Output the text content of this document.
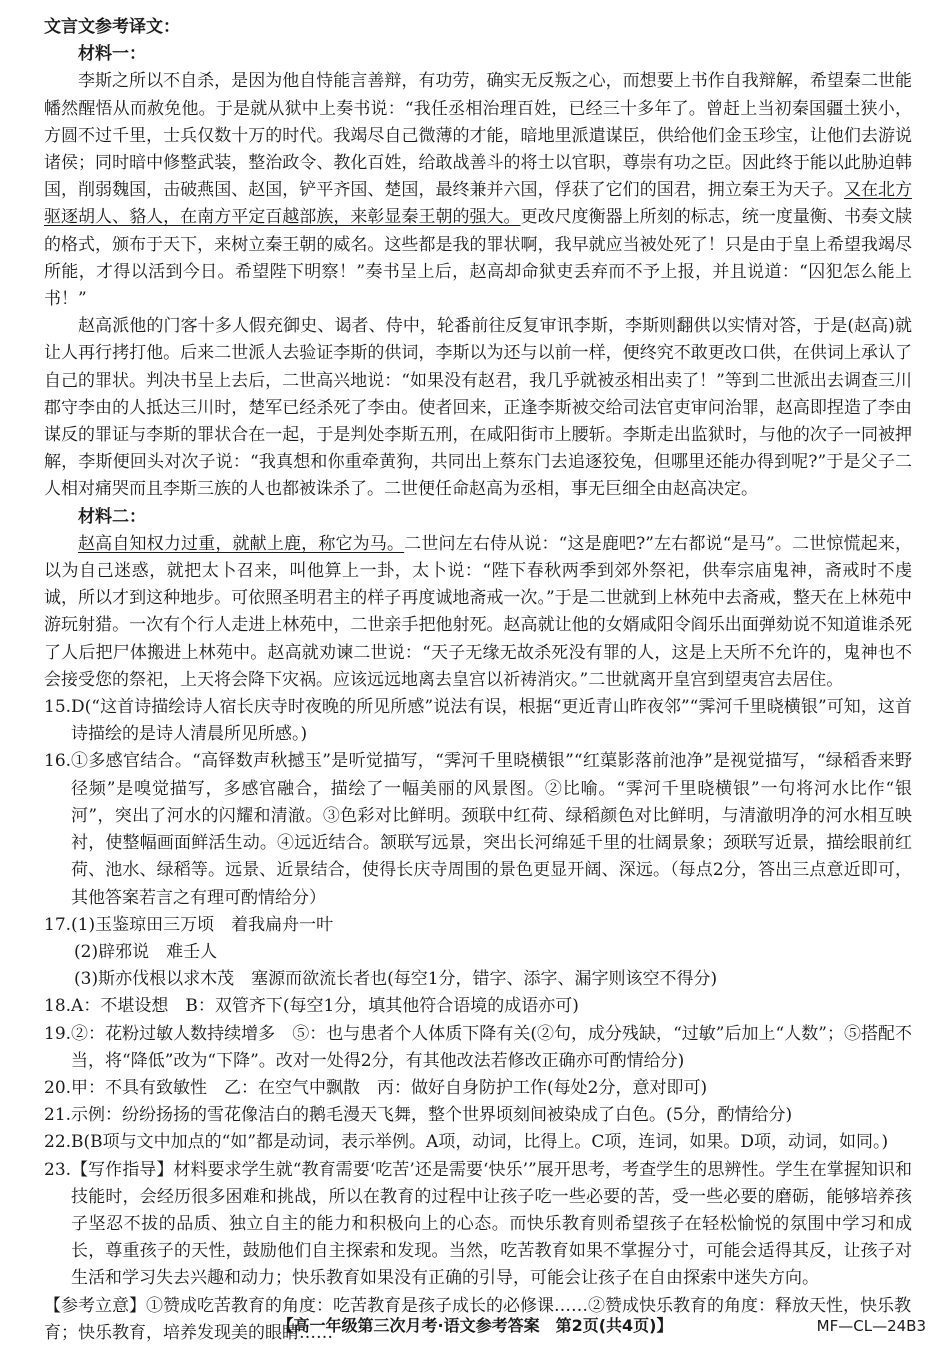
文言文参考译文：
材料一：

李斯之所以不自杀，是因为他自恃能言善辩，有功劳，确实无反叛之心，而想要上书作自我辩解，希望秦二世能幡然醒悟从而赦免他。于是就从狱中上奏书说：“我任丞相治理百姓，已经三十多年了。曾赶上当初秦国疆土狭小，方圆不过千里，士兵仅数十万的时代。我竭尽自己微薄的才能，暗地里派遣谋臣，供给他们金玉珍宝，让他们去游说诸侯；同时暗中修整武装，整治政令、教化百姓，给敢战善斗的将士以官职，尊崇有功之臣。因此终于能以此胁迫韩国，削弱魏国，击破燕国、赵国，铲平齐国、楚国，最终兼并六国，俘获了它们的国君，拥立秦王为天子。又在北方驱逐胡人、貉人，在南方平定百越部族，来彰显秦王朝的强大。更改尺度衡器上所刻的标志，统一度量衡、书奏文牍的格式，颁布于天下，来树立秦王朝的威名。这些都是我的罪状啊，我早就应当被处死了！只是由于皇上希望我竭尽所能，才得以活到今日。希望陛下明察！”奏书呈上后，赵高却命狱吏丢弃而不予上报，并且说道：“囚犯怎么能上书！”

赵高派他的门客十多人假充御史、谒者、侍中，轮番前往反复审讯李斯，李斯则翻供以实情对答，于是(赵高)就让人再行拷打他。后来二世派人去验证李斯的供词，李斯以为还与以前一样，便终究不敢更改口供，在供词上承认了自己的罪状。判决书呈上去后，二世高兴地说：“如果没有赵君，我几乎就被丞相出卖了！”等到二世派出去调查三川郡守李由的人抵达三川时，楚军已经杀死了李由。使者回来，正逢李斯被交给司法官吏审问治罪，赵高即捏造了李由谋反的罪证与李斯的罪状合在一起，于是判处李斯五刑，在咸阳街市上腰斩。李斯走出监狱时，与他的次子一同被押解，李斯便回头对次子说：“我真想和你重牵黄狗，共同出上蔡东门去追逐狡兔，但哪里还能办得到呢?”于是父子二人相对痛哭而且李斯三族的人也都被诛杀了。二世便任命赵高为丞相，事无巨细全由赵高决定。

材料二：

赵高自知权力过重，就献上鹿，称它为马。二世问左右侍从说：“这是鹿吧?”左右都说“是马”。二世惊慌起来，以为自己迷惑，就把太卜召来，叫他算上一卦，太卜说：“陛下春秋两季到郊外祭祀，供奉宗庙鬼神，斋戒时不虔诚，所以才到这种地步。可依照圣明君主的样子再度诚地斋戒一次。”于是二世就到上林苑中去斋戒，整天在上林苑中游玩射猎。一次有个行人走进上林苑中，二世亲手把他射死。赵高就让他的女婿咸阳令阎乐出面弹劾说不知道谁杀死了人后把尸体搬进上林苑中。赵高就劝谏二世说：“天子无缘无故杀死没有罪的人，这是上天所不允许的，鬼神也不会接受您的祭祀，上天将会降下灾祸。应该远远地离去皇宫以祈祷消灾。”二世就离开皇宫到望夷宫去居住。

15. D(“这首诗描绘诗人宿长庆寺时夜晚的所见所感”说法有误，根据“更近青山昨夜邻”“霁河千里晓横银”可知，这首诗描绘的是诗人清晨所见所感。)
16. ①多感官结合。“高铎数声秋撼玉”是听觉描写，“霁河千里晓横银”“红蕖影落前池净”是视觉描写，“绿稻香来野径频”是嗅觉描写，多感官融合，描绘了一幅美丽的风景图。②比喻。“霁河千里晓横银”一句将河水比作“银河”，突出了河水的闪耀和清澈。③色彩对比鲜明。颈联中红荷、绿稻颜色对比鲜明，与清澈明净的河水相互映衬，使整幅画面鲜活生动。④远近结合。颔联写远景，突出长河绵延千里的壮阔景象；颈联写近景，描绘眼前红荷、池水、绿稻等。远景、近景结合，使得长庆寺周围的景色更显开阔、深远。（每点2分，答出三点意近即可，其他答案若言之有理可酌情给分）
17. (1)玉鉴琼田三万顷　着我扁舟一叶

(2)辟邪说　难壬人

(3)斯亦伐根以求木茂　塞源而欲流长者也(每空1分，错字、添字、漏字则该空不得分)

18. A：不堪设想　B：双管齐下(每空1分，填其他符合语境的成语亦可)
19. ②：花粉过敏人数持续增多　⑤：也与患者个人体质下降有关(②句，成分残缺，“过敏”后加上“人数”；⑤搭配不当，将“降低”改为“下降”。改对一处得2分，有其他改法若修改正确亦可酌情给分)
20. 甲：不具有致敏性　乙：在空气中飘散　丙：做好自身防护工作(每处2分，意对即可)
21. 示例：纷纷扬扬的雪花像洁白的鹅毛漫天飞舞，整个世界顷刻间被染成了白色。(5分，酌情给分)
22. B(B项与文中加点的“如”都是动词，表示举例。A项，动词，比得上。C项，连词，如果。D项，动词，如同。)
23. 【写作指导】材料要求学生就“教育需要‘吃苦’还是需要‘快乐’”展开思考，考查学生的思辨性。学生在掌握知识和技能时，会经历很多困难和挑战，所以在教育的过程中让孩子吃一些必要的苦，受一些必要的磨砺，能够培养孩子坚忍不拔的品质、独立自主的能力和积极向上的心态。而快乐教育则希望孩子在轻松愉悦的氛围中学习和成长，尊重孩子的天性，鼓励他们自主探索和发现。当然，吃苦教育如果不掌握分寸，可能会适得其反，让孩子对生活和学习失去兴趣和动力；快乐教育如果没有正确的引导，可能会让孩子在自由探索中迷失方向。

【参考立意】①赞成吃苦教育的角度：吃苦教育是孩子成长的必修课……②赞成快乐教育的角度：释放天性，快乐教育；快乐教育，培养发现美的眼睛……

【高一年级第三次月考·语文参考答案　第2页(共4页)】	MF—CL—24B3
